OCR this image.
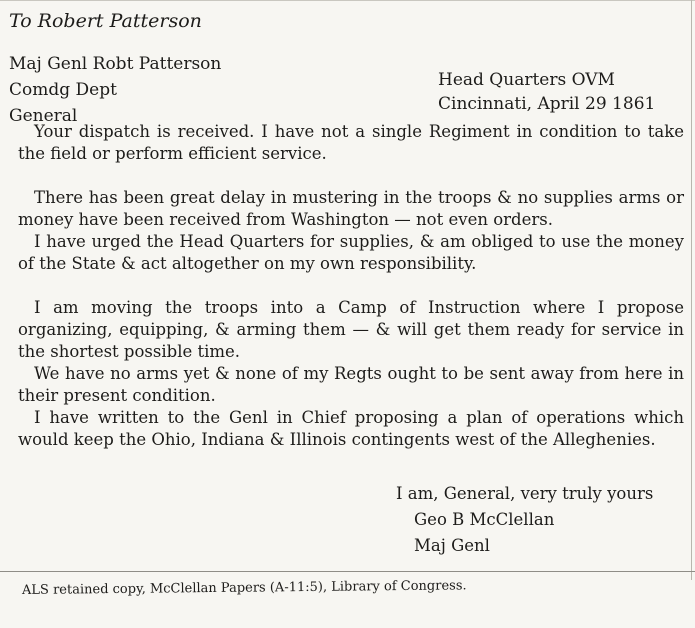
To Robert Patterson
Maj Genl Robt Patterson
Comdg Dept
General
Head Quarters OVM
Cincinnati, April 29 1861

Your dispatch is received. I have not a single Regiment in condition to take the field or perform efficient service.

There has been great delay in mustering in the troops & no supplies arms or money have been received from Washington — not even orders.

I have urged the Head Quarters for supplies, & am obliged to use the money of the State & act altogether on my own responsibility.

I am moving the troops into a Camp of Instruction where I propose organizing, equipping, & arming them — & will get them ready for service in the shortest possible time.

We have no arms yet & none of my Regts ought to be sent away from here in their present condition.

I have written to the Genl in Chief proposing a plan of operations which would keep the Ohio, Indiana & Illinois contingents west of the Alleghenies.

I am, General, very truly yours
Geo B McClellan
Maj Genl
ALS retained copy, McClellan Papers (A-11:5), Library of Congress.
